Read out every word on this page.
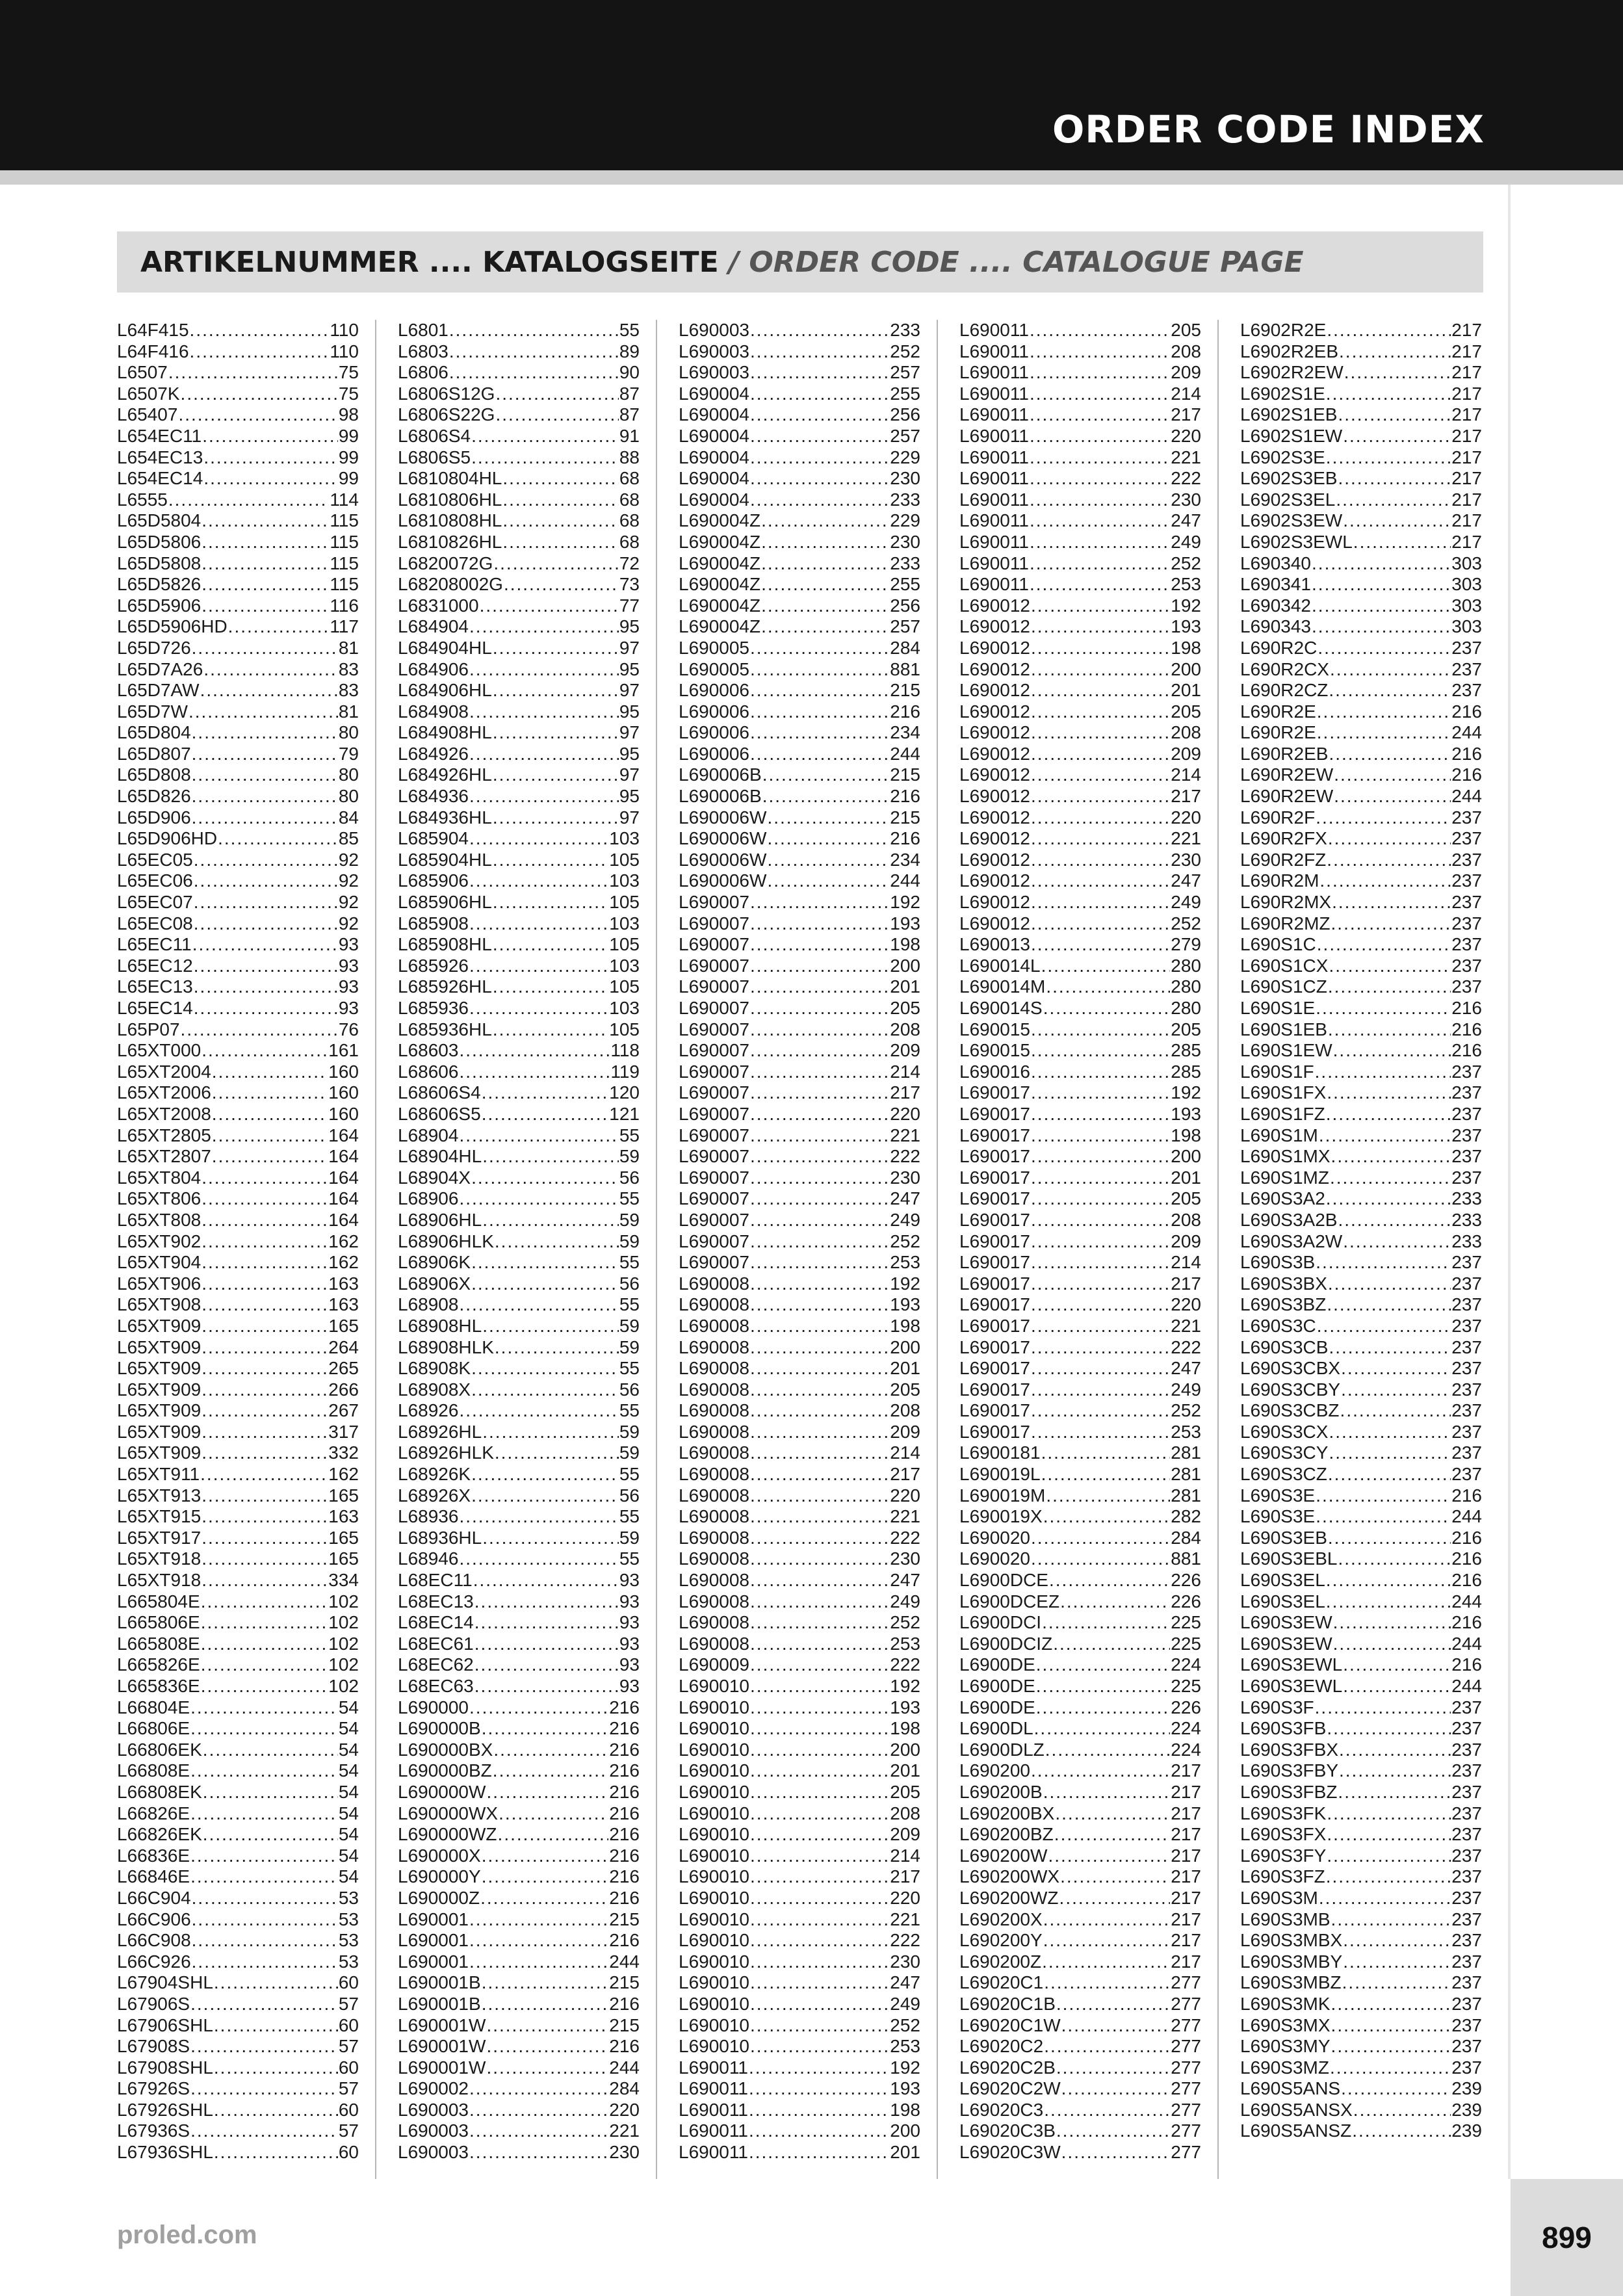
ORDER CODE INDEX
ARTIKELNUMMER .... KATALOGSEITE / ORDER CODE .... CATALOGUE PAGE
L64F415 .....	110
L64F416 .....	110
L6507 .....	75
L6507K .....	75
L65407 .....	98
L654EC11 .....	99
L654EC13 .....	99
L654EC14 .....	99
L6555 .....	114
L65D5804 .....	115
L65D5806 .....	115
L65D5808 .....	115
L65D5826 .....	115
L65D5906 .....	116
L65D5906HD .....	117
L65D726 .....	81
L65D7A26 .....	83
L65D7AW .....	83
L65D7W .....	81
L65D804 .....	80
L65D807 .....	79
L65D808 .....	80
L65D826 .....	80
L65D906 .....	84
L65D906HD .....	85
L65EC05 .....	92
L65EC06 .....	92
L65EC07 .....	92
L65EC08 .....	92
L65EC11 .....	93
L65EC12 .....	93
L65EC13 .....	93
L65EC14 .....	93
L65P07 .....	76
L65XT000 .....	161
L65XT2004 .....	160
L65XT2006 .....	160
L65XT2008 .....	160
L65XT2805 .....	164
L65XT2807 .....	164
L65XT804 .....	164
L65XT806 .....	164
L65XT808 .....	164
L65XT902 .....	162
L65XT904 .....	162
L65XT906 .....	163
L65XT908 .....	163
L65XT909 .....	165
L65XT909 .....	264
L65XT909 .....	265
L65XT909 .....	266
L65XT909 .....	267
L65XT909 .....	317
L65XT909 .....	332
L65XT911 .....	162
L65XT913 .....	165
L65XT915 .....	163
L65XT917 .....	165
L65XT918 .....	165
L65XT918 .....	334
L665804E .....	102
L665806E .....	102
L665808E .....	102
L665826E .....	102
L665836E .....	102
L66804E .....	54
L66806E .....	54
L66806EK .....	54
L66808E .....	54
L66808EK .....	54
L66826E .....	54
L66826EK .....	54
L66836E .....	54
L66846E .....	54
L66C904 .....	53
L66C906 .....	53
L66C908 .....	53
L66C926 .....	53
L67904SHL .....	60
L67906S .....	57
L67906SHL .....	60
L67908S .....	57
L67908SHL .....	60
L67926S .....	57
L67926SHL .....	60
L67936S .....	57
L67936SHL .....	60
L6801 .....	55
L6803 .....	89
L6806 .....	90
L6806S12G .....	87
L6806S22G .....	87
L6806S4 .....	91
L6806S5 .....	88
L6810804HL .....	68
L6810806HL .....	68
L6810808HL .....	68
L6810826HL .....	68
L6820072G .....	72
L68208002G .....	73
L6831000 .....	77
L684904 .....	95
L684904HL .....	97
L684906 .....	95
L684906HL .....	97
L684908 .....	95
L684908HL .....	97
L684926 .....	95
L684926HL .....	97
L684936 .....	95
L684936HL .....	97
L685904 .....	103
L685904HL .....	105
L685906 .....	103
L685906HL .....	105
L685908 .....	103
L685908HL .....	105
L685926 .....	103
L685926HL .....	105
L685936 .....	103
L685936HL .....	105
L68603 .....	118
L68606 .....	119
L68606S4 .....	120
L68606S5 .....	121
L68904 .....	55
L68904HL .....	59
L68904X .....	56
L68906 .....	55
L68906HL .....	59
L68906HLK .....	59
L68906K .....	55
L68906X .....	56
L68908 .....	55
L68908HL .....	59
L68908HLK .....	59
L68908K .....	55
L68908X .....	56
L68926 .....	55
L68926HL .....	59
L68926HLK .....	59
L68926K .....	55
L68926X .....	56
L68936 .....	55
L68936HL .....	59
L68946 .....	55
L68EC11 .....	93
L68EC13 .....	93
L68EC14 .....	93
L68EC61 .....	93
L68EC62 .....	93
L68EC63 .....	93
L690000 .....	216
L690000B .....	216
L690000BX .....	216
L690000BZ .....	216
L690000W .....	216
L690000WX .....	216
L690000WZ .....	216
L690000X .....	216
L690000Y .....	216
L690000Z .....	216
L690001 .....	215
L690001 .....	216
L690001 .....	244
L690001B .....	215
L690001B .....	216
L690001W .....	215
L690001W .....	216
L690001W .....	244
L690002 .....	284
L690003 .....	220
L690003 .....	221
L690003 .....	230
L690003 .....	233
L690003 .....	252
L690003 .....	257
L690004 .....	255
L690004 .....	256
L690004 .....	257
L690004 .....	229
L690004 .....	230
L690004 .....	233
L690004Z .....	229
L690004Z .....	230
L690004Z .....	233
L690004Z .....	255
L690004Z .....	256
L690004Z .....	257
L690005 .....	284
L690005 .....	881
L690006 .....	215
L690006 .....	216
L690006 .....	234
L690006 .....	244
L690006B .....	215
L690006B .....	216
L690006W .....	215
L690006W .....	216
L690006W .....	234
L690006W .....	244
L690007 .....	192
L690007 .....	193
L690007 .....	198
L690007 .....	200
L690007 .....	201
L690007 .....	205
L690007 .....	208
L690007 .....	209
L690007 .....	214
L690007 .....	217
L690007 .....	220
L690007 .....	221
L690007 .....	222
L690007 .....	230
L690007 .....	247
L690007 .....	249
L690007 .....	252
L690007 .....	253
L690008 .....	192
L690008 .....	193
L690008 .....	198
L690008 .....	200
L690008 .....	201
L690008 .....	205
L690008 .....	208
L690008 .....	209
L690008 .....	214
L690008 .....	217
L690008 .....	220
L690008 .....	221
L690008 .....	222
L690008 .....	230
L690008 .....	247
L690008 .....	249
L690008 .....	252
L690008 .....	253
L690009 .....	222
L690010 .....	192
L690010 .....	193
L690010 .....	198
L690010 .....	200
L690010 .....	201
L690010 .....	205
L690010 .....	208
L690010 .....	209
L690010 .....	214
L690010 .....	217
L690010 .....	220
L690010 .....	221
L690010 .....	222
L690010 .....	230
L690010 .....	247
L690010 .....	249
L690010 .....	252
L690010 .....	253
L690011 .....	192
L690011 .....	193
L690011 .....	198
L690011 .....	200
L690011 .....	201
L690011 .....	205
L690011 .....	208
L690011 .....	209
L690011 .....	214
L690011 .....	217
L690011 .....	220
L690011 .....	221
L690011 .....	222
L690011 .....	230
L690011 .....	247
L690011 .....	249
L690011 .....	252
L690011 .....	253
L690012 .....	192
L690012 .....	193
L690012 .....	198
L690012 .....	200
L690012 .....	201
L690012 .....	205
L690012 .....	208
L690012 .....	209
L690012 .....	214
L690012 .....	217
L690012 .....	220
L690012 .....	221
L690012 .....	230
L690012 .....	247
L690012 .....	249
L690012 .....	252
L690013 .....	279
L690014L .....	280
L690014M .....	280
L690014S .....	280
L690015 .....	205
L690015 .....	285
L690016 .....	285
L690017 .....	192
L690017 .....	193
L690017 .....	198
L690017 .....	200
L690017 .....	201
L690017 .....	205
L690017 .....	208
L690017 .....	209
L690017 .....	214
L690017 .....	217
L690017 .....	220
L690017 .....	221
L690017 .....	222
L690017 .....	247
L690017 .....	249
L690017 .....	252
L690017 .....	253
L6900181 .....	281
L690019L .....	281
L690019M .....	281
L690019X .....	282
L690020 .....	284
L690020 .....	881
L6900DCE .....	226
L6900DCEZ .....	226
L6900DCI .....	225
L6900DCIZ .....	225
L6900DE .....	224
L6900DE .....	225
L6900DE .....	226
L6900DL .....	224
L6900DLZ .....	224
L690200 .....	217
L690200B .....	217
L690200BX .....	217
L690200BZ .....	217
L690200W .....	217
L690200WX .....	217
L690200WZ .....	217
L690200X .....	217
L690200Y .....	217
L690200Z .....	217
L69020C1 .....	277
L69020C1B .....	277
L69020C1W .....	277
L69020C2 .....	277
L69020C2B .....	277
L69020C2W .....	277
L69020C3 .....	277
L69020C3B .....	277
L69020C3W .....	277
L6902R2E .....	217
L6902R2EB .....	217
L6902R2EW .....	217
L6902S1E .....	217
L6902S1EB .....	217
L6902S1EW .....	217
L6902S3E .....	217
L6902S3EB .....	217
L6902S3EL .....	217
L6902S3EW .....	217
L6902S3EWL .....	217
L690340 .....	303
L690341 .....	303
L690342 .....	303
L690343 .....	303
L690R2C .....	237
L690R2CX .....	237
L690R2CZ .....	237
L690R2E .....	216
L690R2E .....	244
L690R2EB .....	216
L690R2EW .....	216
L690R2EW .....	244
L690R2F .....	237
L690R2FX .....	237
L690R2FZ .....	237
L690R2M .....	237
L690R2MX .....	237
L690R2MZ .....	237
L690S1C .....	237
L690S1CX .....	237
L690S1CZ .....	237
L690S1E .....	216
L690S1EB .....	216
L690S1EW .....	216
L690S1F .....	237
L690S1FX .....	237
L690S1FZ .....	237
L690S1M .....	237
L690S1MX .....	237
L690S1MZ .....	237
L690S3A2 .....	233
L690S3A2B .....	233
L690S3A2W .....	233
L690S3B .....	237
L690S3BX .....	237
L690S3BZ .....	237
L690S3C .....	237
L690S3CB .....	237
L690S3CBX .....	237
L690S3CBY .....	237
L690S3CBZ .....	237
L690S3CX .....	237
L690S3CY .....	237
L690S3CZ .....	237
L690S3E .....	216
L690S3E .....	244
L690S3EB .....	216
L690S3EBL .....	216
L690S3EL .....	216
L690S3EL .....	244
L690S3EW .....	216
L690S3EW .....	244
L690S3EWL .....	216
L690S3EWL .....	244
L690S3F .....	237
L690S3FB .....	237
L690S3FBX .....	237
L690S3FBY .....	237
L690S3FBZ .....	237
L690S3FK .....	237
L690S3FX .....	237
L690S3FY .....	237
L690S3FZ .....	237
L690S3M .....	237
L690S3MB .....	237
L690S3MBX .....	237
L690S3MBY .....	237
L690S3MBZ .....	237
L690S3MK .....	237
L690S3MX .....	237
L690S3MY .....	237
L690S3MZ .....	237
L690S5ANS .....	239
L690S5ANSX .....	239
L690S5ANSZ .....	239

proled.com	899
